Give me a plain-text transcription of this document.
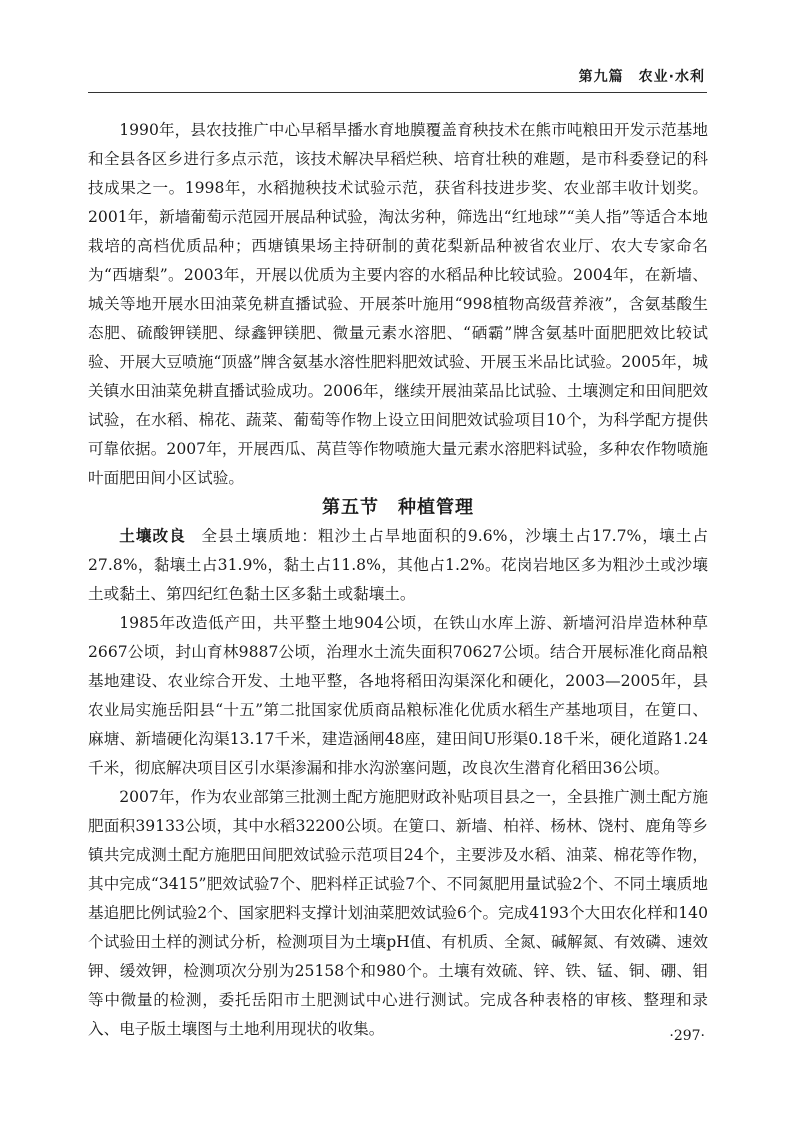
第九篇　农业·水利

1990年，县农技推广中心早稻旱播水育地膜覆盖育秧技术在熊市吨粮田开发示范基地和全县各区乡进行多点示范，该技术解决早稻烂秧、培育壮秧的难题，是市科委登记的科技成果之一。1998年，水稻抛秧技术试验示范，获省科技进步奖、农业部丰收计划奖。2001年，新墙葡萄示范园开展品种试验，淘汰劣种，筛选出“红地球”“美人指”等适合本地栽培的高档优质品种；西塘镇果场主持研制的黄花梨新品种被省农业厅、农大专家命名为“西塘梨”。2003年，开展以优质为主要内容的水稻品种比较试验。2004年，在新墙、城关等地开展水田油菜免耕直播试验、开展茶叶施用“998植物高级营养液”，含氨基酸生态肥、硫酸钾镁肥、绿鑫钾镁肥、微量元素水溶肥、“硒霸”牌含氨基叶面肥肥效比较试验、开展大豆喷施“顶盛”牌含氨基水溶性肥料肥效试验、开展玉米品比试验。2005年，城关镇水田油菜免耕直播试验成功。2006年，继续开展油菜品比试验、土壤测定和田间肥效试验，在水稻、棉花、蔬菜、葡萄等作物上设立田间肥效试验项目10个，为科学配方提供可靠依据。2007年，开展西瓜、莴苣等作物喷施大量元素水溶肥料试验，多种农作物喷施叶面肥田间小区试验。

第五节　种植管理

土壤改良 全县土壤质地：粗沙土占旱地面积的9.6%，沙壤土占17.7%，壤土占27.8%，黏壤土占31.9%，黏土占11.8%，其他占1.2%。花岗岩地区多为粗沙土或沙壤土或黏土、第四纪红色黏土区多黏土或黏壤土。

1985年改造低产田，共平整土地904公顷，在铁山水库上游、新墙河沿岸造林种草2667公顷，封山育林9887公顷，治理水土流失面积70627公顷。结合开展标准化商品粮基地建设、农业综合开发、土地平整，各地将稻田沟渠深化和硬化，2003—2005年，县农业局实施岳阳县“十五”第二批国家优质商品粮标准化优质水稻生产基地项目，在筻口、麻塘、新墙硬化沟渠13.17千米，建造涵闸48座，建田间U形渠0.18千米，硬化道路1.24千米，彻底解决项目区引水渠渗漏和排水沟淤塞问题，改良次生潜育化稻田36公顷。

2007年，作为农业部第三批测土配方施肥财政补贴项目县之一，全县推广测土配方施肥面积39133公顷，其中水稻32200公顷。在筻口、新墙、柏祥、杨林、饶村、鹿角等乡镇共完成测土配方施肥田间肥效试验示范项目24个，主要涉及水稻、油菜、棉花等作物，其中完成“3415”肥效试验7个、肥料样正试验7个、不同氮肥用量试验2个、不同土壤质地基追肥比例试验2个、国家肥料支撑计划油菜肥效试验6个。完成4193个大田农化样和140个试验田土样的测试分析，检测项目为土壤pH值、有机质、全氮、碱解氮、有效磷、速效钾、缓效钾，检测项次分别为25158个和980个。土壤有效硫、锌、铁、锰、铜、硼、钼等中微量的检测，委托岳阳市土肥测试中心进行测试。完成各种表格的审核、整理和录入、电子版土壤图与土地利用现状的收集。	·297·
